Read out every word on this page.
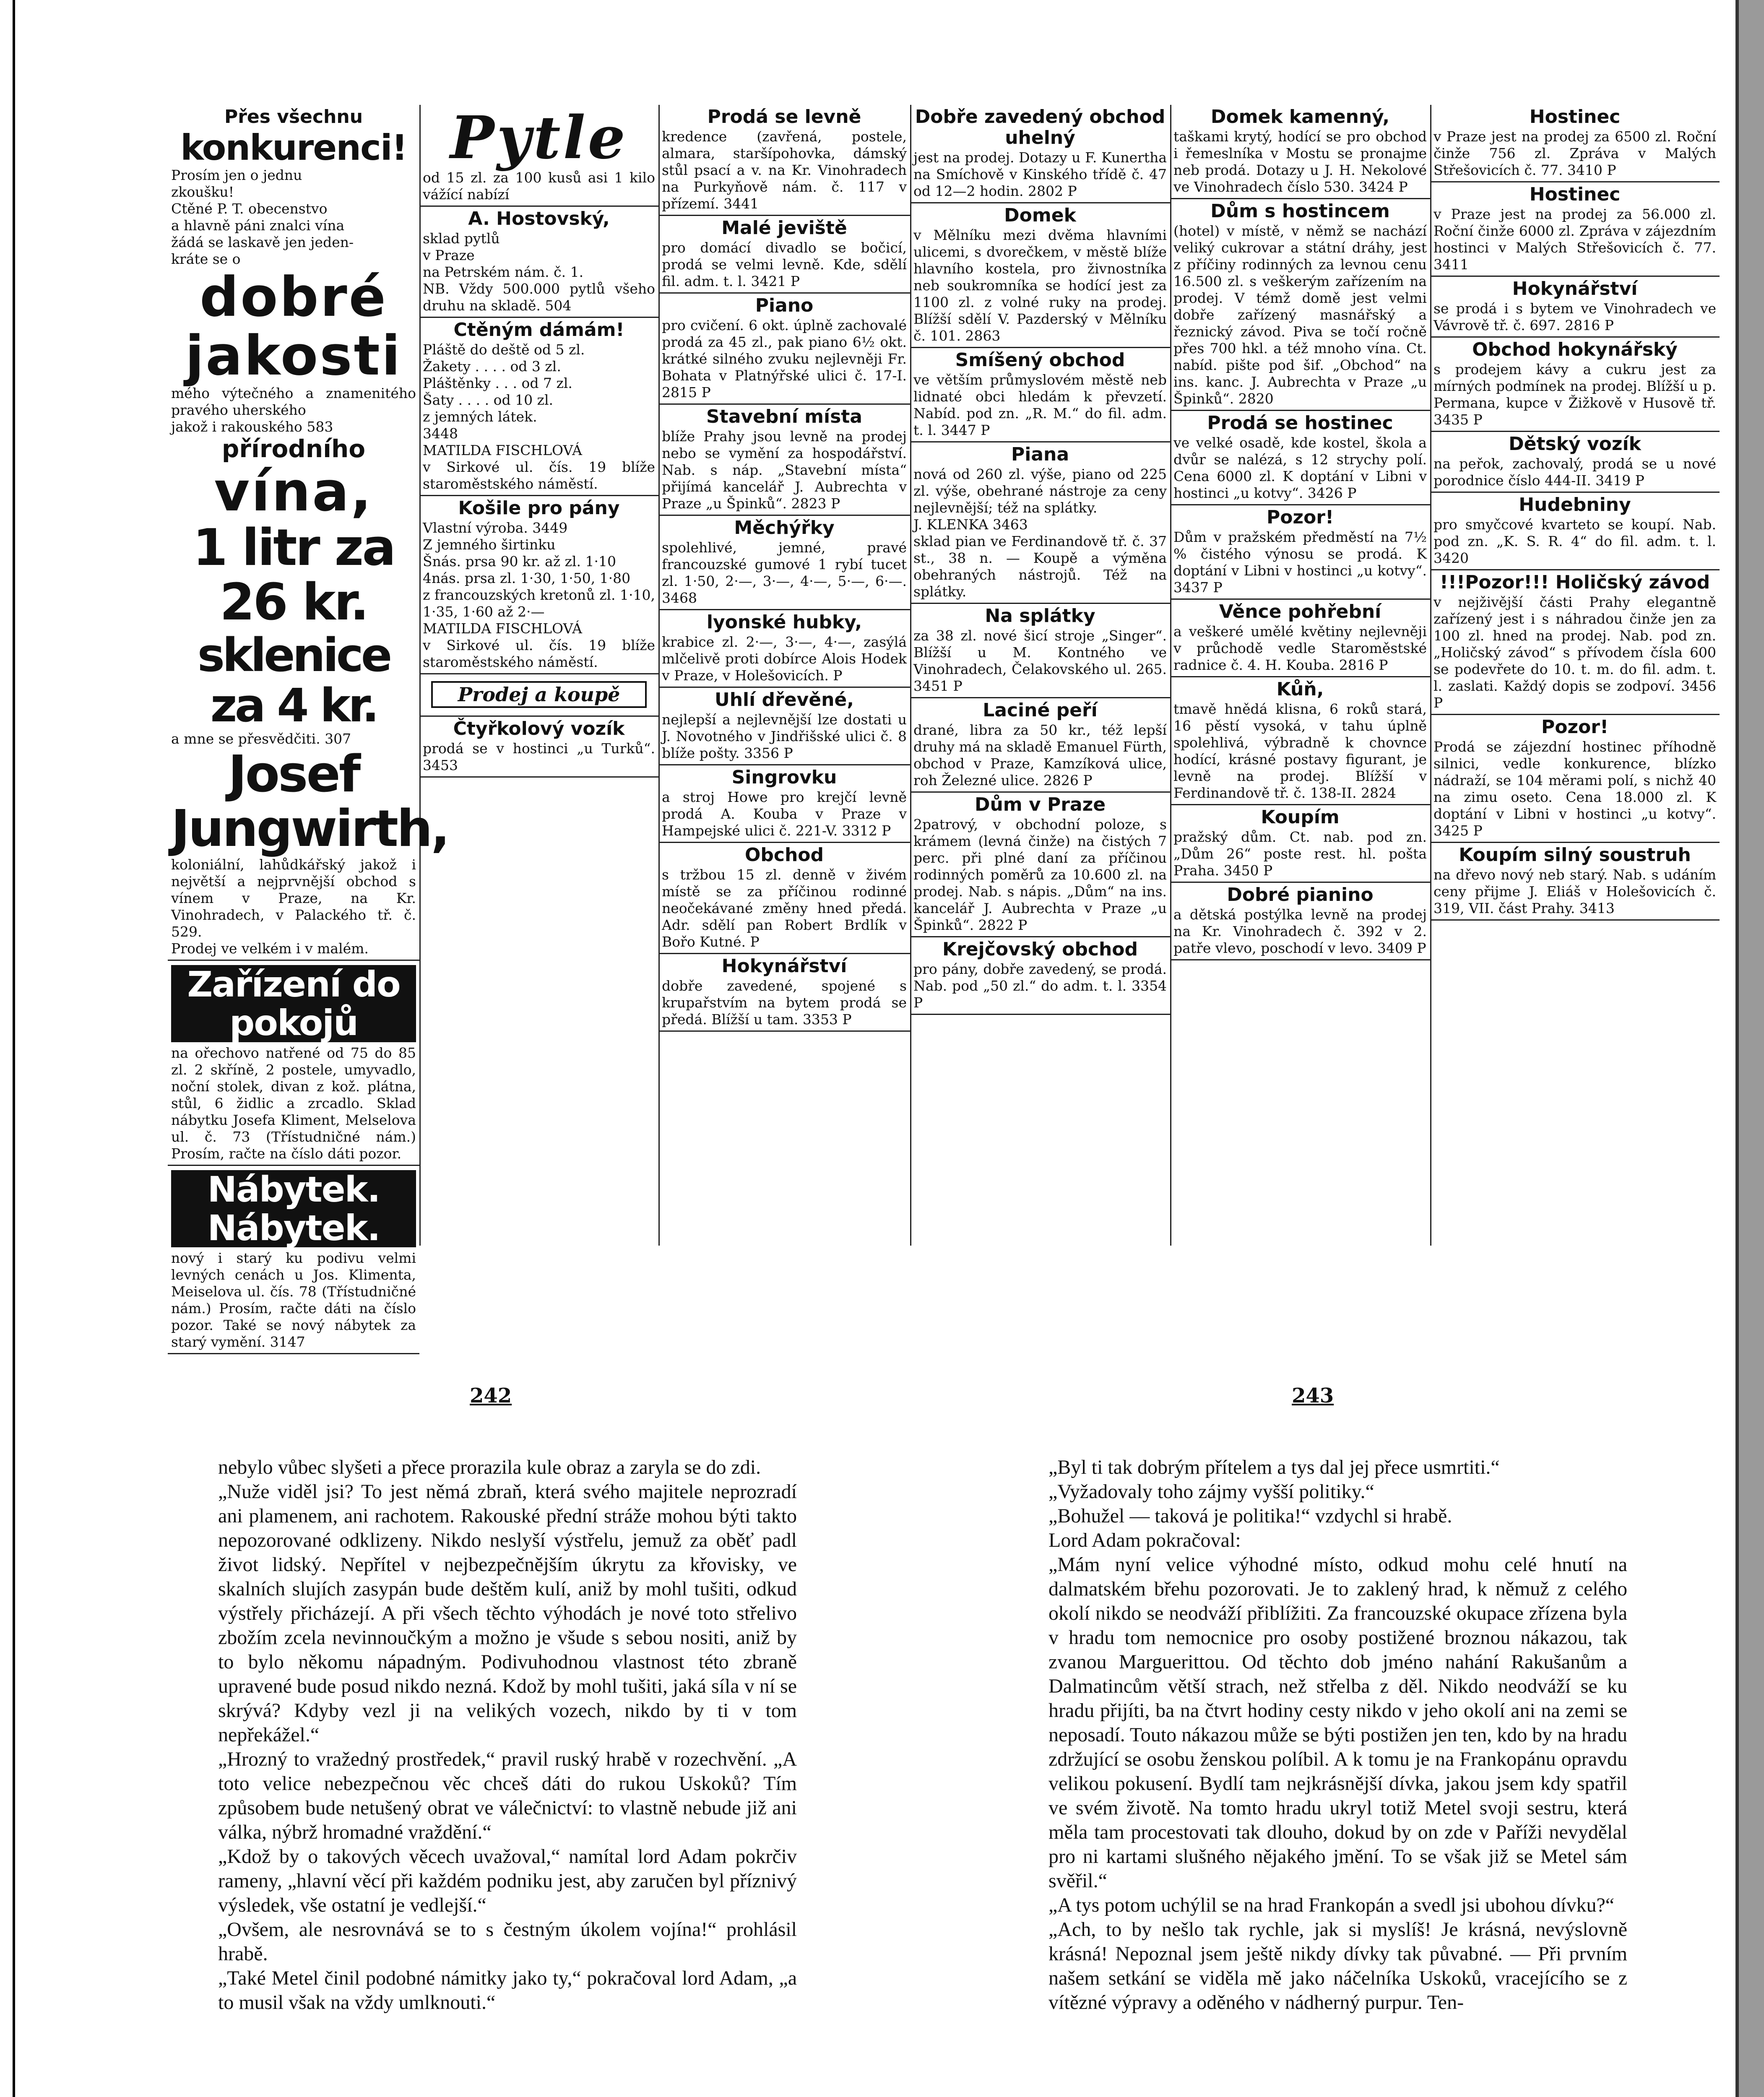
Přes všechnu
konkurenci!
Prosím jen o jednu
zkoušku!
Ctěné P. T. obecenstvo
a hlavně páni znalci vína
žádá se laskavě jen jeden-
kráte se o

dobré jakosti
mého výtečného a znamenitého pravého uherského
jakož i rakouského 583
přírodního
vína,
1 litr za 26 kr.
sklenice za 4 kr.
a mne se přesvědčiti. 307
Josef Jungwirth,
koloniální, lahůdkářský jakož i největší a nejprvnější obchod s vínem v Praze, na Kr. Vinohradech, v Palackého tř. č. 529.
Prodej ve velkém i v malém.
Zařízení do pokojů
na ořechovo natřené od 75 do 85 zl. 2 skříně, 2 postele, umyvadlo, noční stolek, divan z kož. plátna, stůl, 6 židlic a zrcadlo. Sklad nábytku Josefa Kliment, Melselova ul. č. 73 (Třístudničné nám.) Prosím, račte na číslo dáti pozor.
Nábytek. Nábytek.
nový i starý ku podivu velmi levných cenách u Jos. Klimenta, Meiselova ul. čís. 78 (Třístudničné nám.) Prosím, račte dáti na číslo pozor. Také se nový nábytek za starý vymění. 3147
Pytle
od 15 zl. za 100 kusů asi 1 kilo vážící nabízí
A. Hostovský,
sklad pytlů
v Praze
na Petrském nám. č. 1.
NB. Vždy 500.000 pytlů všeho druhu na skladě. 504
Ctěným dámám!
Pláště do deště od 5 zl.
Žakety . . . . od 3 zl.
Pláštěnky . . . od 7 zl.
Šaty . . . . od 10 zl.
z jemných látek.
3448
MATILDA FISCHLOVÁ
v Sirkové ul. čís. 19 blíže staroměstského náměstí.
Košile pro pány
Vlastní výroba. 3449
Z jemného širtinku
Šnás. prsa 90 kr. až zl. 1·10
4nás. prsa zl. 1·30, 1·50, 1·80
z francouzských kretonů zl. 1·10, 1·35, 1·60 až 2·—
MATILDA FISCHLOVÁ
v Sirkové ul. čís. 19 blíže staroměstského náměstí.
Prodej a koupě
Čtyřkolový vozík
prodá se v hostinci „u Turků“. 3453
Prodá se levně
kredence (zavřená, postele, almara, staršípohovka, dámský stůl psací a v. na Kr. Vinohradech na Purkyňově nám. č. 117 v přízemí. 3441
Malé jeviště
pro domácí divadlo se bočicí, prodá se velmi levně. Kde, sdělí fil. adm. t. l. 3421 P
Piano
pro cvičení. 6 okt. úplně zachovalé prodá za 45 zl., pak piano 6½ okt. krátké silného zvuku nejlevněji Fr. Bohata v Platnýřské ulici č. 17-I. 2815 P
Stavební místa
blíže Prahy jsou levně na prodej nebo se vymění za hospodářství. Nab. s náp. „Stavební místa“ přijímá kancelář J. Aubrechta v Praze „u Špinků“. 2823 P
Měchýřky
spolehlivé, jemné, pravé francouzské gumové 1 rybí tucet zl. 1·50, 2·—, 3·—, 4·—, 5·—, 6·—. 3468
lyonské hubky,
krabice zl. 2·—, 3·—, 4·—, zasýlá mlčelivě proti dobírce Alois Hodek v Praze, v Holešovicích. P
Uhlí dřevěné,
nejlepší a nejlevnější lze dostati u J. Novotného v Jindřišské ulici č. 8 blíže pošty. 3356 P
Singrovku
a stroj Howe pro krejčí levně prodá A. Kouba v Praze v Hampejské ulici č. 221-V. 3312 P
Obchod
s tržbou 15 zl. denně v živém místě se za příčinou rodinné neočekávané změny hned předá. Adr. sdělí pan Robert Brdlík v Bořo Kutné. P
Hokynářství
dobře zavedené, spojené s krupařstvím na bytem prodá se předá. Blížší u tam. 3353 P
Dobře zavedený obchod uhelný
jest na prodej. Dotazy u F. Kunertha na Smíchově v Kinského třídě č. 47 od 12—2 hodin. 2802 P
Domek
v Mělníku mezi dvěma hlavními ulicemi, s dvorečkem, v městě blíže hlavního kostela, pro živnostníka neb soukromníka se hodící jest za 1100 zl. z volné ruky na prodej. Blížší sdělí V. Pazderský v Mělníku č. 101. 2863
Smíšený obchod
ve větším průmyslovém městě neb lidnaté obci hledám k převzetí. Nabíd. pod zn. „R. M.“ do fil. adm. t. l. 3447 P
Piana
nová od 260 zl. výše, piano od 225 zl. výše, obehrané nástroje za ceny nejlevnější; též na splátky.
J. KLENKA 3463
sklad pian ve Ferdinandově tř. č. 37 st., 38 n. — Koupě a výměna obehraných nástrojů. Též na splátky.
Na splátky
za 38 zl. nové šicí stroje „Singer“. Blížší u M. Kontného ve Vinohradech, Čelakovského ul. 265. 3451 P
Laciné peří
drané, libra za 50 kr., též lepší druhy má na skladě Emanuel Fürth, obchod v Praze, Kamzíková ulice, roh Železné ulice. 2826 P
Dům v Praze
2patrový, v obchodní poloze, s krámem (levná činže) na čistých 7 perc. při plné daní za příčinou rodinných poměrů za 10.600 zl. na prodej. Nab. s nápis. „Dům“ na ins. kancelář J. Aubrechta v Praze „u Špinků“. 2822 P
Krejčovský obchod
pro pány, dobře zavedený, se prodá. Nab. pod „50 zl.“ do adm. t. l. 3354 P
Domek kamenný,
taškami krytý, hodící se pro obchod i řemeslníka v Mostu se pronajme neb prodá. Dotazy u J. H. Nekolové ve Vinohradech číslo 530. 3424 P
Dům s hostincem
(hotel) v místě, v němž se nachází veliký cukrovar a státní dráhy, jest z příčiny rodinných za levnou cenu 16.500 zl. s veškerým zařízením na prodej. V témž domě jest velmi dobře zařízený masnářský a řeznický závod. Piva se točí ročně přes 700 hkl. a též mnoho vína. Ct. nabíd. pište pod šif. „Obchod“ na ins. kanc. J. Aubrechta v Praze „u Špinků“. 2820
Prodá se hostinec
ve velké osadě, kde kostel, škola a dvůr se nalézá, s 12 strychy polí. Cena 6000 zl. K doptání v Libni v hostinci „u kotvy“. 3426 P
Pozor!
Dům v pražském předměstí na 7½ % čistého výnosu se prodá. K doptání v Libni v hostinci „u kotvy“. 3437 P
Věnce pohřební
a veškeré umělé květiny nejlevněji v průchodě vedle Staroměstské radnice č. 4. H. Kouba. 2816 P
Kůň,
tmavě hnědá klisna, 6 roků stará, 16 pěstí vysoká, v tahu úplně spolehlivá, výbradně k chovnce hodící, krásné postavy figurant, je levně na prodej. Blížší v Ferdinandově tř. č. 138-II. 2824
Koupím
pražský dům. Ct. nab. pod zn. „Dům 26“ poste rest. hl. pošta Praha. 3450 P
Dobré pianino
a dětská postýlka levně na prodej na Kr. Vinohradech č. 392 v 2. patře vlevo, poschodí v levo. 3409 P
Hostinec
v Praze jest na prodej za 6500 zl. Roční činže 756 zl. Zpráva v Malých Střešovicích č. 77. 3410 P
Hostinec
v Praze jest na prodej za 56.000 zl. Roční činže 6000 zl. Zpráva v zájezdním hostinci v Malých Střešovicích č. 77. 3411
Hokynářství
se prodá i s bytem ve Vinohradech ve Vávrově tř. č. 697. 2816 P
Obchod hokynářský
s prodejem kávy a cukru jest za mírných podmínek na prodej. Blížší u p. Permana, kupce v Žižkově v Husově tř. 3435 P
Dětský vozík
na peřok, zachovalý, prodá se u nové porodnice číslo 444-II. 3419 P
Hudebniny
pro smyčcové kvarteto se koupí. Nab. pod zn. „K. S. R. 4“ do fil. adm. t. l. 3420
!!!Pozor!!! Holičský závod
v nejživější části Prahy elegantně zařízený jest i s náhradou činže jen za 100 zl. hned na prodej. Nab. pod zn. „Holičský závod“ s přívodem čísla 600 se podevřete do 10. t. m. do fil. adm. t. l. zaslati. Každý dopis se zodpoví. 3456 P
Pozor!
Prodá se zájezdní hostinec příhodně silnici, vedle konkurence, blízko nádraží, se 104 měrami polí, s nichž 40 na zimu oseto. Cena 18.000 zl. K doptání v Libni v hostinci „u kotvy“. 3425 P
Koupím silný soustruh
na dřevo nový neb starý. Nab. s udáním ceny přijme J. Eliáš v Holešovicích č. 319, VII. část Prahy. 3413
242	243
nebylo vůbec slyšeti a přece prorazila kule obraz a zaryla se do zdi.
„Nuže viděl jsi? To jest němá zbraň, která svého majitele neprozradí ani plamenem, ani rachotem. Rakouské přední stráže mohou býti takto nepozorované odklizeny. Nikdo neslyší výstřelu, jemuž za oběť padl život lidský. Nepřítel v nejbezpečnějším úkrytu za křovisky, ve skalních slujích zasypán bude deštěm kulí, aniž by mohl tušiti, odkud výstřely přicházejí. A při všech těchto výhodách je nové toto střelivo zbožím zcela nevinnoučkým a možno je všude s sebou nositi, aniž by to bylo někomu nápadným. Podivuhodnou vlastnost této zbraně upravené bude posud nikdo nezná. Kdož by mohl tušiti, jaká síla v ní se skrývá? Kdyby vezl ji na velikých vozech, nikdo by ti v tom nepřekážel.“
„Hrozný to vražedný prostředek,“ pravil ruský hrabě v rozechvění. „A toto velice nebezpečnou věc chceš dáti do rukou Uskoků? Tím způsobem bude netušený obrat ve válečnictví: to vlastně nebude již ani válka, nýbrž hromadné vraždění.“
„Kdož by o takových věcech uvažoval,“ namítal lord Adam pokrčiv rameny, „hlavní věcí při každém podniku jest, aby zaručen byl příznivý výsledek, vše ostatní je vedlejší.“
„Ovšem, ale nesrovnává se to s čestným úkolem vojína!“ prohlásil hrabě.
„Také Metel činil podobné námitky jako ty,“ pokračoval lord Adam, „a to musil však na vždy umlknouti.“
„Byl ti tak dobrým přítelem a tys dal jej přece usmrtiti.“
„Vyžadovaly toho zájmy vyšší politiky.“
„Bohužel — taková je politika!“ vzdychl si hrabě.
Lord Adam pokračoval:
„Mám nyní velice výhodné místo, odkud mohu celé hnutí na dalmatském břehu pozorovati. Je to zaklený hrad, k němuž z celého okolí nikdo se neodváží přiblížiti. Za francouzské okupace zřízena byla v hradu tom nemocnice pro osoby postižené broznou nákazou, tak zvanou Marguerittou. Od těchto dob jméno nahání Rakušanům a Dalmatincům větší strach, než střelba z děl. Nikdo neodváží se ku hradu přijíti, ba na čtvrt hodiny cesty nikdo v jeho okolí ani na zemi se neposadí. Touto nákazou může se býti postižen jen ten, kdo by na hradu zdržující se osobu ženskou políbil. A k tomu je na Frankopánu opravdu velikou pokusení. Bydlí tam nejkrásnější dívka, jakou jsem kdy spatřil ve svém životě. Na tomto hradu ukryl totiž Metel svoji sestru, která měla tam procestovati tak dlouho, dokud by on zde v Paříži nevydělal pro ni kartami slušného nějakého jmění. To se však již se Metel sám svěřil.“
„A tys potom uchýlil se na hrad Frankopán a svedl jsi ubohou dívku?“
„Ach, to by nešlo tak rychle, jak si myslíš! Je krásná, nevýslovně krásná! Nepoznal jsem ještě nikdy dívky tak půvabné. — Při prvním našem setkání se viděla mě jako náčelníka Uskoků, vracejícího se z vítězné výpravy a oděného v nádherný purpur. Ten-
